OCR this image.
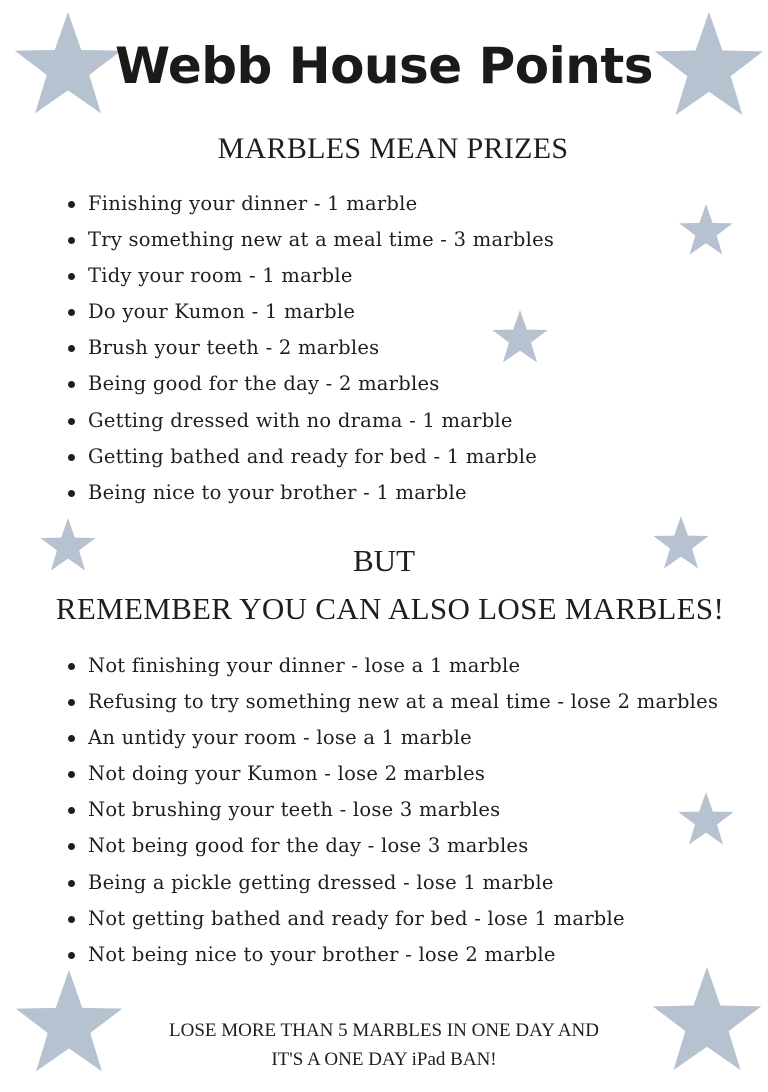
Webb House Points
MARBLES MEAN PRIZES
Finishing your dinner - 1 marble
Try something new at a meal time - 3 marbles
Tidy your room - 1 marble
Do your Kumon - 1 marble
Brush your teeth - 2 marbles
Being good for the day - 2 marbles
Getting dressed with no drama - 1 marble
Getting bathed and ready for bed - 1 marble
Being nice to your brother - 1 marble
BUT
REMEMBER YOU CAN ALSO LOSE MARBLES!
Not finishing your dinner - lose a 1 marble
Refusing to try something new at a meal time - lose 2 marbles
An untidy your room - lose a 1 marble
Not doing your Kumon - lose 2 marbles
Not brushing your teeth - lose 3 marbles
Not being good for the day - lose 3 marbles
Being a pickle getting dressed - lose 1 marble
Not getting bathed and ready for bed - lose 1 marble
Not being nice to your brother - lose 2 marble

LOSE MORE THAN 5 MARBLES IN ONE DAY AND
IT'S A ONE DAY iPad BAN!
